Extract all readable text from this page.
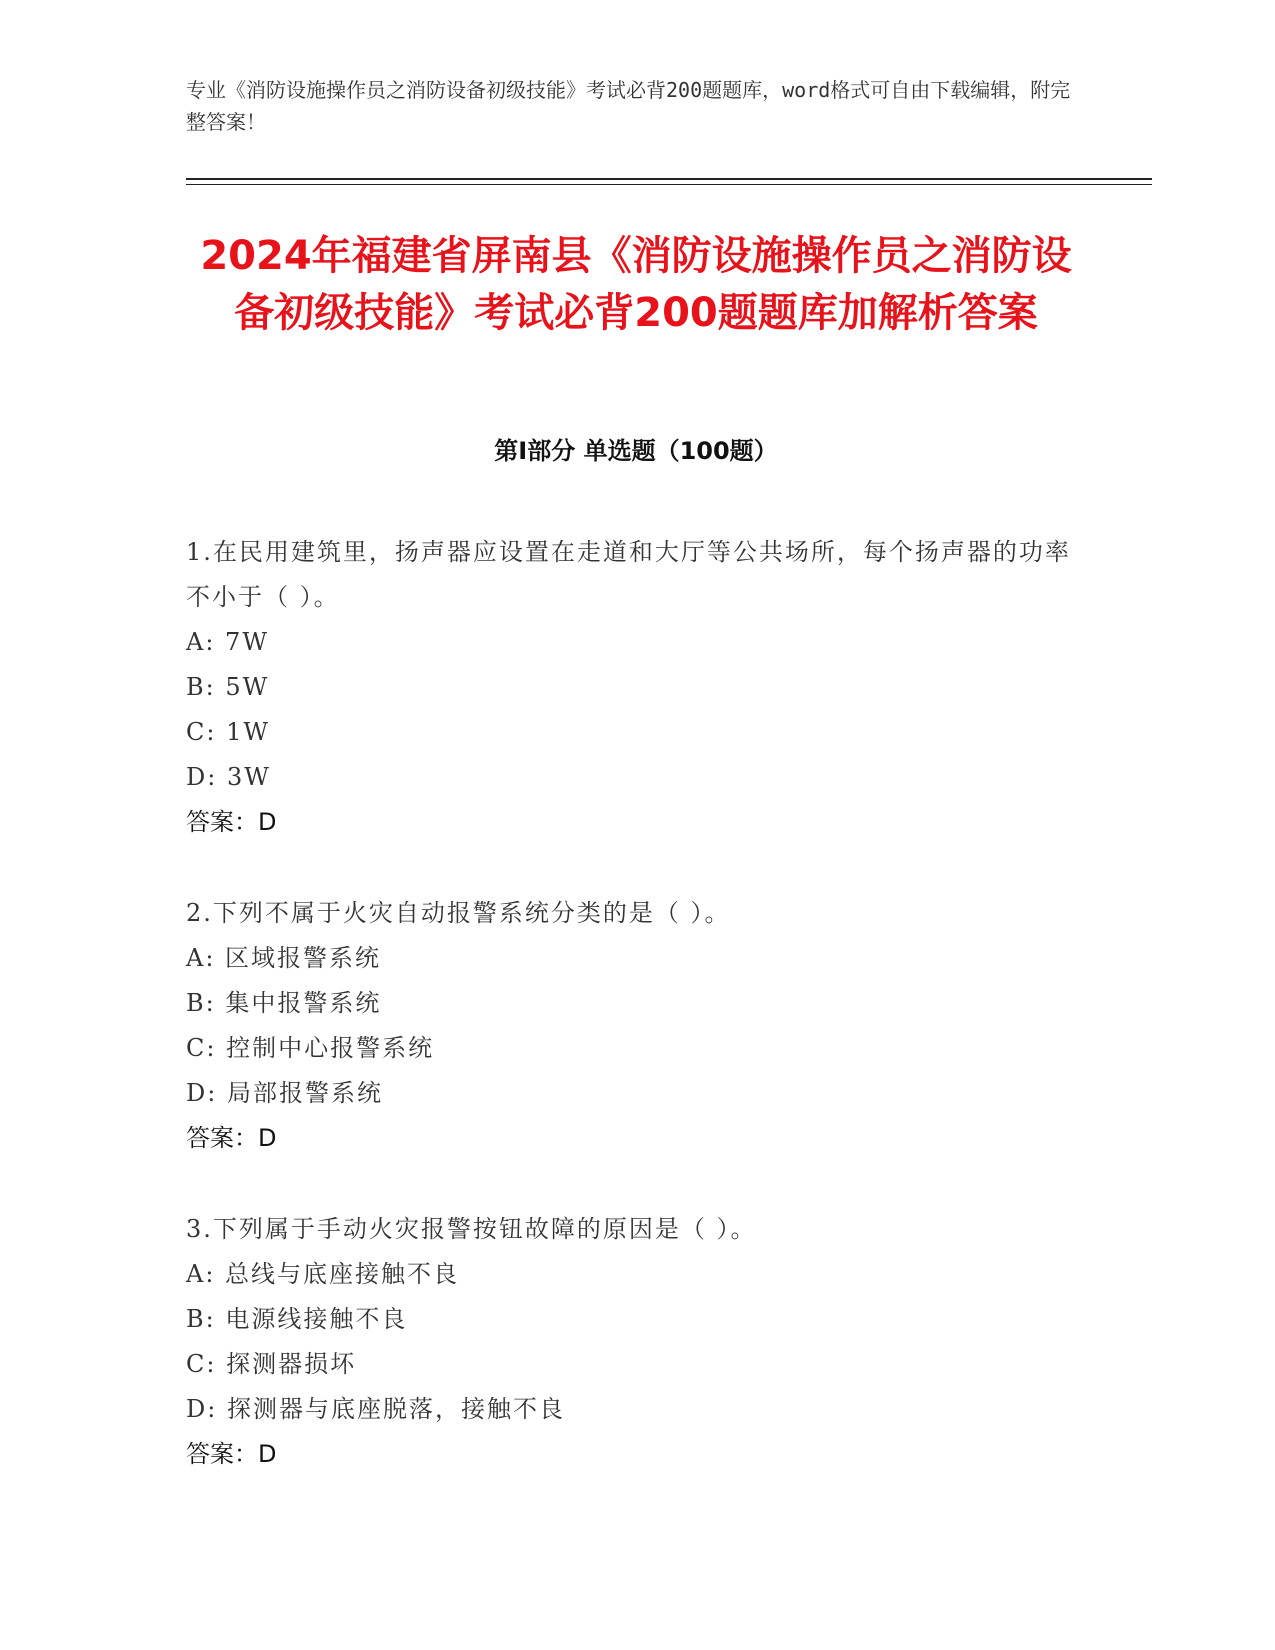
专业《消防设施操作员之消防设备初级技能》考试必背200题题库，word格式可自由下载编辑，附完整答案！
2024年福建省屏南县《消防设施操作员之消防设备初级技能》考试必背200题题库加解析答案
第I部分 单选题（100题）
1.在民用建筑里，扬声器应设置在走道和大厅等公共场所，每个扬声器的功率不小于（ ）。
A: 7W
B: 5W
C: 1W
D: 3W
答案：D
2.下列不属于火灾自动报警系统分类的是（ ）。
A: 区域报警系统
B: 集中报警系统
C: 控制中心报警系统
D: 局部报警系统
答案：D
3.下列属于手动火灾报警按钮故障的原因是（ ）。
A: 总线与底座接触不良
B: 电源线接触不良
C: 探测器损坏
D: 探测器与底座脱落，接触不良
答案：D
